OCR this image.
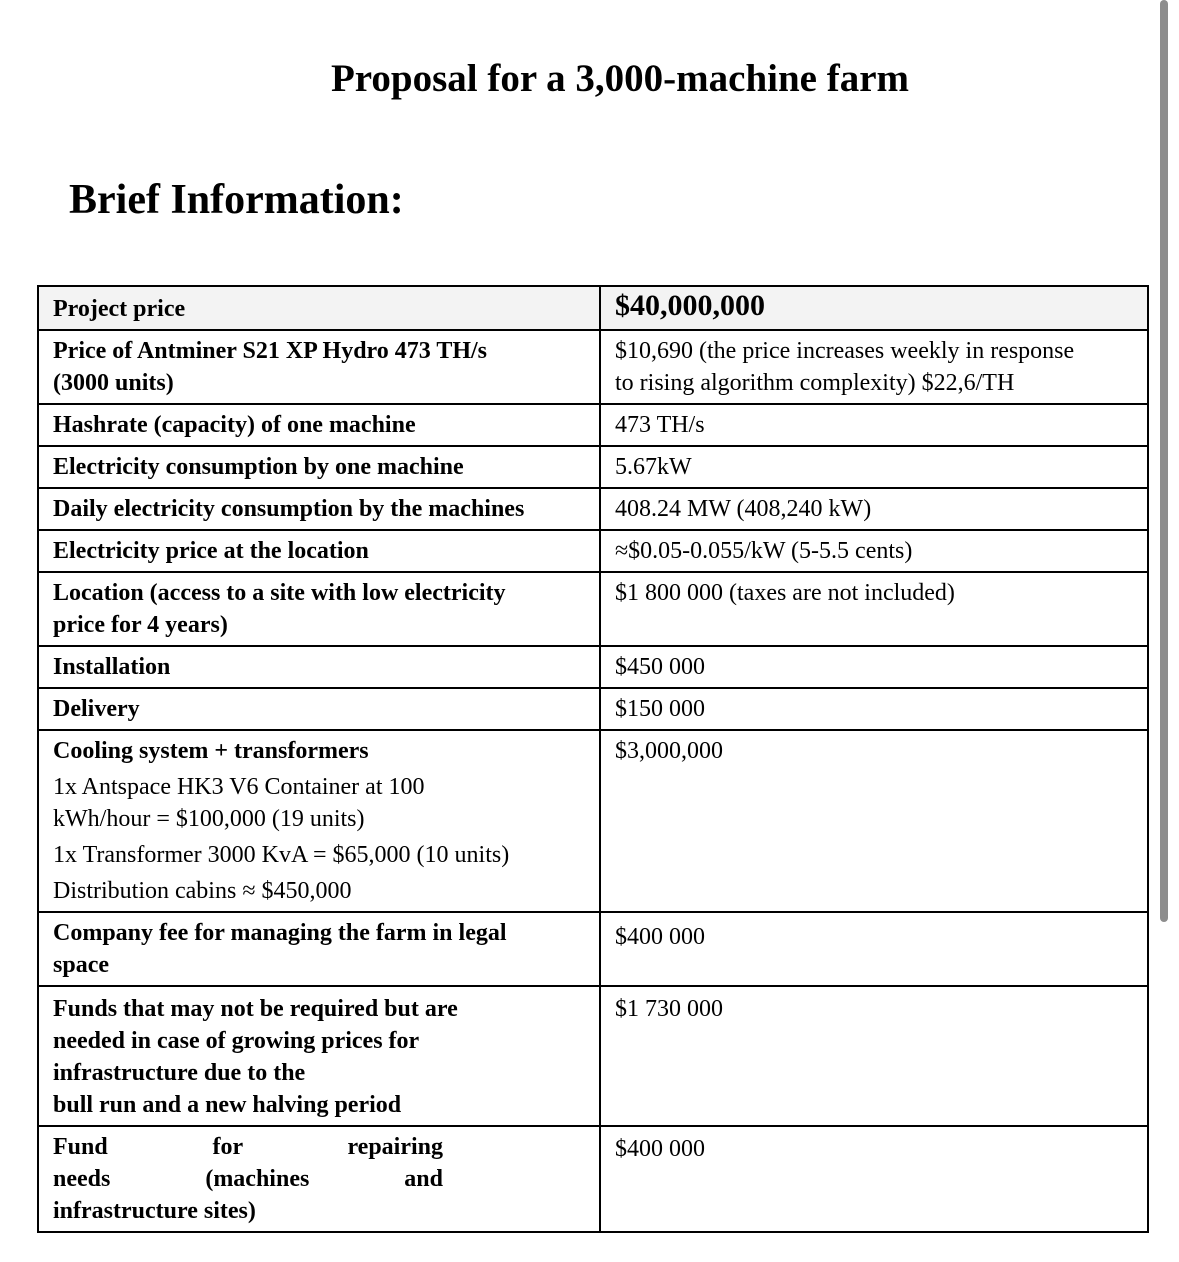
Proposal for a 3,000-machine farm
Brief Information:
Project price	$40,000,000

Price of Antminer S21 XP Hydro 473 TH/s
(3000 units)	$10,690 (the price increases weekly in response
to rising algorithm complexity) $22,6/TH

Hashrate (capacity) of one machine	473 TH/s

Electricity consumption by one machine	5.67kW

Daily electricity consumption by the machines	408.24 MW (408,240 kW)

Electricity price at the location	≈$0.05-0.055/kW (5-5.5 cents)

Location (access to a site with low electricity
price for 4 years)	$1 800 000 (taxes are not included)

Installation	$450 000

Delivery	$150 000

Cooling system + transformers
1x Antspace HK3 V6 Container at 100 kWh/hour = $100,000 (19 units)
1x Transformer 3000 KvA = $65,000 (10 units)
Distribution cabins ≈ $450,000	$3,000,000

Company fee for managing the farm in legal
space	$400 000

Funds that may not be required but are
needed in case of growing prices for
infrastructure due to the
bull run and a new halving period	$1 730 000

Fund for repairing
needs (machines and
infrastructure sites)	$400 000
